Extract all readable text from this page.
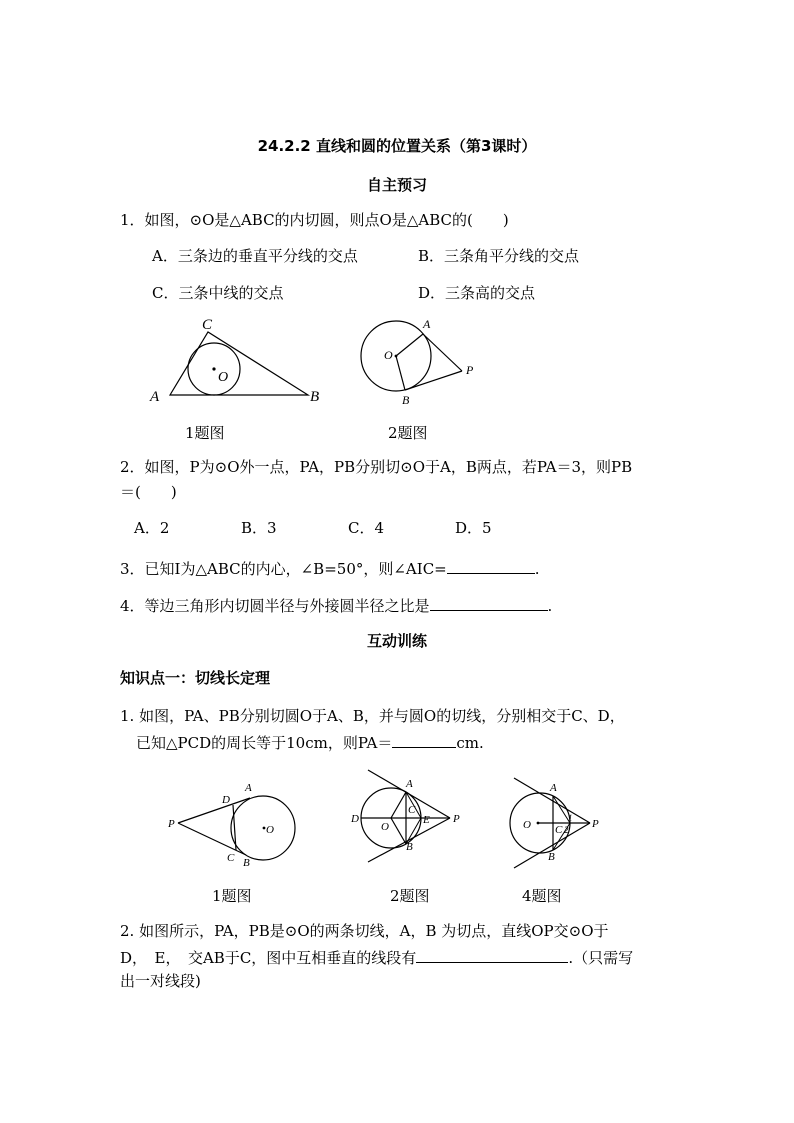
24.2.2 直线和圆的位置关系（第3课时）
自主预习
1．如图，⊙O是△ABC的内切圆，则点O是△ABC的(　　)
A．三条边的垂直平分线的交点	B．三条角平分线的交点
C．三条中线的交点	D．三条高的交点
A	B
C
O
1题图
O
A
B
P
2题图
2．如图，P为⊙O外一点，PA，PB分别切⊙O于A，B两点，若PA＝3，则PB
＝(　　)
A．2	B．3	C．4	D．5
3．已知I为△ABC的内心，∠B=50°，则∠AIC=	.
4．等边三角形内切圆半径与外接圆半径之比是	.
互动训练
知识点一：切线长定理
1. 如图，PA、PB分别切圆O于A、B，并与圆O的切线，分别相交于C、D，
已知△PCD的周长等于10cm，则PA＝	cm.
P
D
A
O
C B
1题图
A
B
D
O
C
E P
2题图
A
B
O C	P
1
2
4题图
2. 如图所示，PA，PB是⊙O的两条切线，A，B 为切点，直线OP交⊙O于
D，　E，　交AB于C，图中互相垂直的线段有	.（只需写
出一对线段)
